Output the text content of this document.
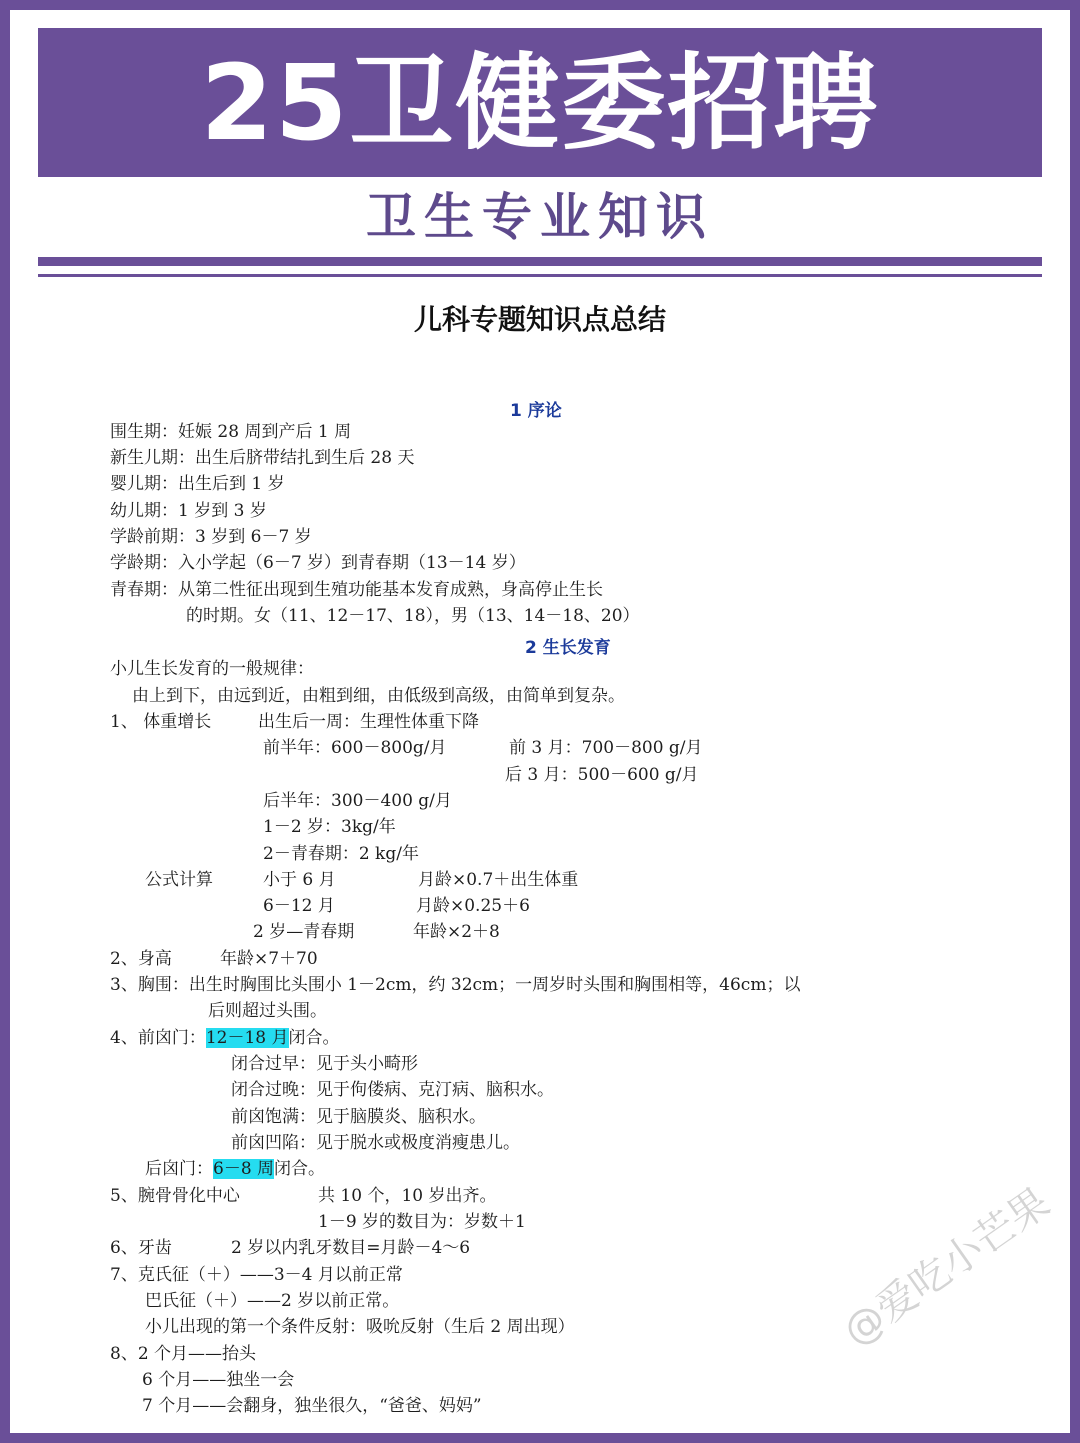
25卫健委招聘
卫生专业知识
儿科专题知识点总结
1 序论
围生期：妊娠 28 周到产后 1 周
新生儿期：出生后脐带结扎到生后 28 天
婴儿期：出生后到 1 岁
幼儿期：1 岁到 3 岁
学龄前期：3 岁到 6－7 岁
学龄期：入小学起（6－7 岁）到青春期（13－14 岁）
青春期：从第二性征出现到生殖功能基本发育成熟，身高停止生长
的时期。女（11、12－17、18），男（13、14－18、20）
2 生长发育
小儿生长发育的一般规律：
由上到下，由远到近，由粗到细，由低级到高级，由简单到复杂。
1、 体重增长	出生后一周：生理性体重下降
前半年：600－800g/月	前 3 月：700－800 g/月
后 3 月：500－600 g/月
后半年：300－400 g/月
1－2 岁：3kg/年
2－青春期：2 kg/年
公式计算	小于 6 月	月龄×0.7＋出生体重
6－12 月	月龄×0.25＋6
2 岁—青春期	年龄×2＋8
2、身高	年龄×7＋70
3、胸围：出生时胸围比头围小 1－2cm，约 32cm；一周岁时头围和胸围相等，46cm；以
后则超过头围。
4、前囟门：12－18 月闭合。
闭合过早：见于头小畸形
闭合过晚：见于佝偻病、克汀病、脑积水。
前囟饱满：见于脑膜炎、脑积水。
前囟凹陷：见于脱水或极度消瘦患儿。
后囟门：6－8 周闭合。
5、腕骨骨化中心	共 10 个，10 岁出齐。
1－9 岁的数目为：岁数＋1
6、牙齿	2 岁以内乳牙数目=月龄－4～6
7、克氏征（＋）——3－4 月以前正常
巴氏征（＋）——2 岁以前正常。
小儿出现的第一个条件反射：吸吮反射（生后 2 周出现）
8、2 个月——抬头
6 个月——独坐一会
7 个月——会翻身，独坐很久，“爸爸、妈妈”
@爱吃小芒果
